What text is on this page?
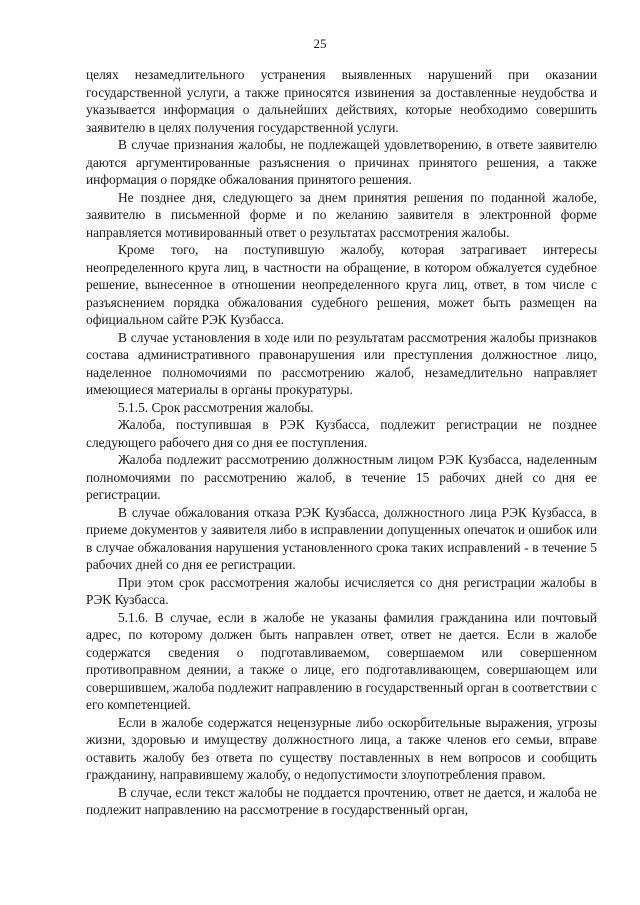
25

целях незамедлительного устранения выявленных нарушений при оказании государственной услуги, а также приносятся извинения за доставленные неудобства и указывается информация о дальнейших действиях, которые необходимо совершить заявителю в целях получения государственной услуги.

В случае признания жалобы, не подлежащей удовлетворению, в ответе заявителю даются аргументированные разъяснения о причинах принятого решения, а также информация о порядке обжалования принятого решения.

Не позднее дня, следующего за днем принятия решения по поданной жалобе, заявителю в письменной форме и по желанию заявителя в электронной форме направляется мотивированный ответ о результатах рассмотрения жалобы.

Кроме того, на поступившую жалобу, которая затрагивает интересы неопределенного круга лиц, в частности на обращение, в котором обжалуется судебное решение, вынесенное в отношении неопределенного круга лиц, ответ, в том числе с разъяснением порядка обжалования судебного решения, может быть размещен на официальном сайте РЭК Кузбасса.

В случае установления в ходе или по результатам рассмотрения жалобы признаков состава административного правонарушения или преступления должностное лицо, наделенное полномочиями по рассмотрению жалоб, незамедлительно направляет имеющиеся материалы в органы прокуратуры.

5.1.5. Срок рассмотрения жалобы.

Жалоба, поступившая в РЭК Кузбасса, подлежит регистрации не позднее следующего рабочего дня со дня ее поступления.

Жалоба подлежит рассмотрению должностным лицом РЭК Кузбасса, наделенным полномочиями по рассмотрению жалоб, в течение 15 рабочих дней со дня ее регистрации.

В случае обжалования отказа РЭК Кузбасса, должностного лица РЭК Кузбасса, в приеме документов у заявителя либо в исправлении допущенных опечаток и ошибок или в случае обжалования нарушения установленного срока таких исправлений - в течение 5 рабочих дней со дня ее регистрации.

При этом срок рассмотрения жалобы исчисляется со дня регистрации жалобы в РЭК Кузбасса.

5.1.6. В случае, если в жалобе не указаны фамилия гражданина или почтовый адрес, по которому должен быть направлен ответ, ответ не дается. Если в жалобе содержатся сведения о подготавливаемом, совершаемом или совершенном противоправном деянии, а также о лице, его подготавливающем, совершающем или совершившем, жалоба подлежит направлению в государственный орган в соответствии с его компетенцией.

Если в жалобе содержатся нецензурные либо оскорбительные выражения, угрозы жизни, здоровью и имуществу должностного лица, а также членов его семьи, вправе оставить жалобу без ответа по существу поставленных в нем вопросов и сообщить гражданину, направившему жалобу, о недопустимости злоупотребления правом.

В случае, если текст жалобы не поддается прочтению, ответ не дается, и жалоба не подлежит направлению на рассмотрение в государственный орган,
